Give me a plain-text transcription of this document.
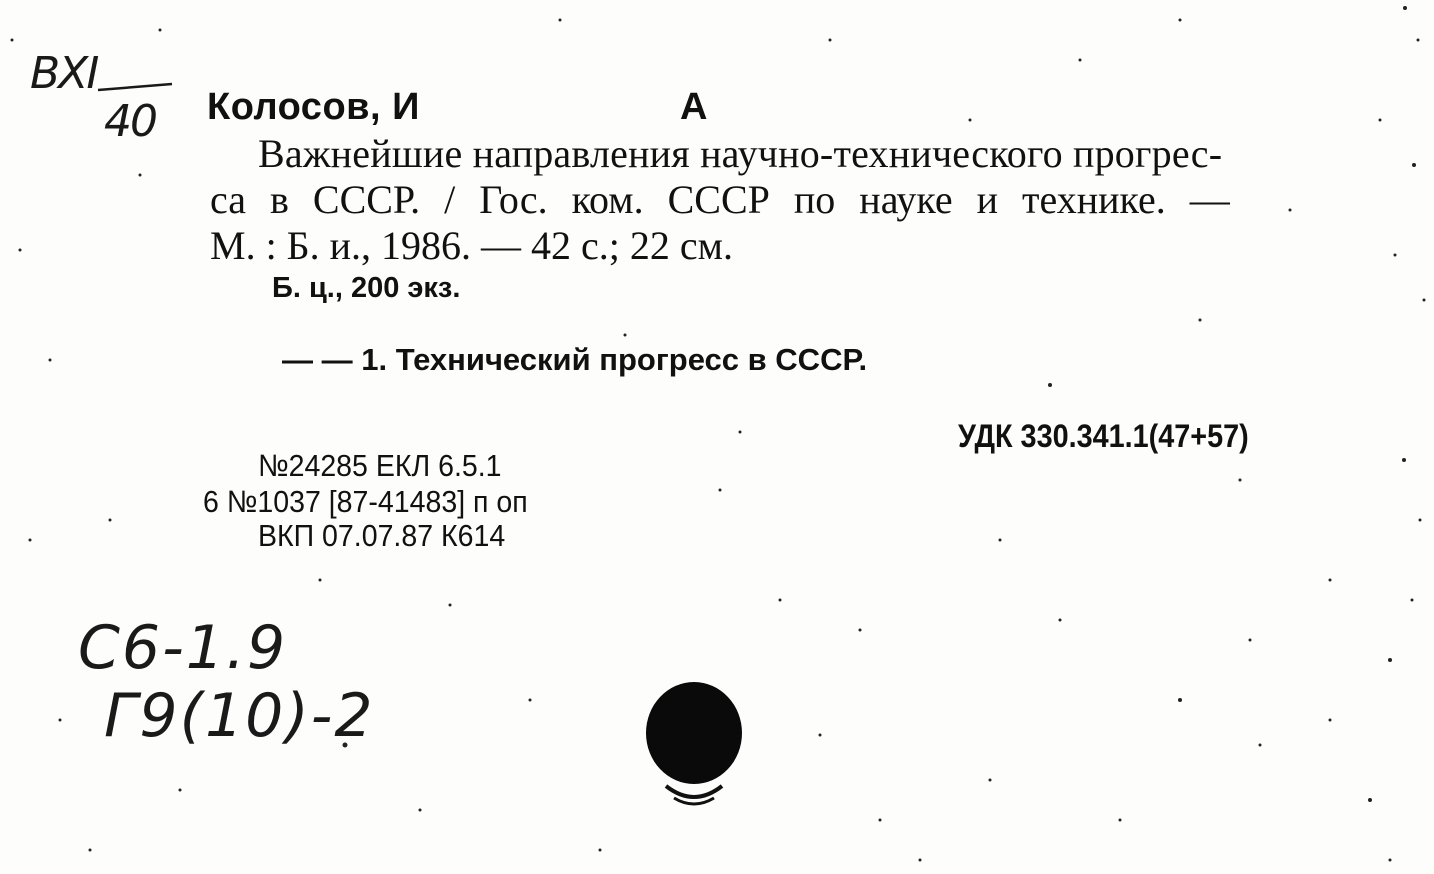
ВХI
40 Колосов, И	А
Важнейшие направления научно-технического прогрес-
са в СССР. / Гос. ком. СССР по науке и технике. —
М. : Б. и., 1986. — 42 с.; 22 см.
Б. ц., 200 экз.
— — 1. Технический прогресс в СССР.
УДК 330.341.1(47+57)
№24285 ЕКЛ 6.5.1
6 №1037 [87-41483] п оп
ВКП 07.07.87 К614
С6-1.9
Г9(10)-2
